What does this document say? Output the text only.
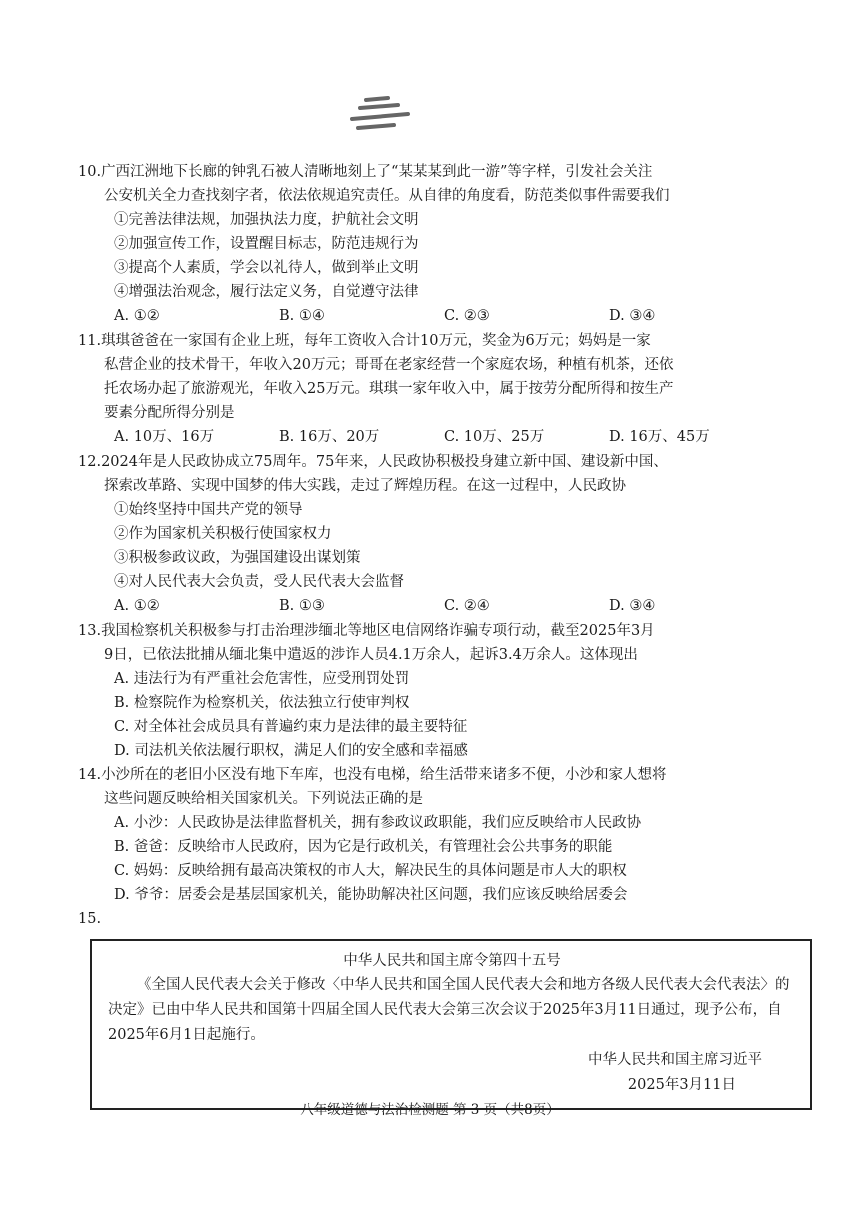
10.广西江洲地下长廊的钟乳石被人清晰地刻上了“某某某到此一游”等字样，引发社会关注

公安机关全力查找刻字者，依法依规追究责任。从自律的角度看，防范类似事件需要我们

①完善法律法规，加强执法力度，护航社会文明

②加强宣传工作，设置醒目标志，防范违规行为

③提高个人素质，学会以礼待人，做到举止文明

④增强法治观念，履行法定义务，自觉遵守法律

A. ①②	B. ①④	C. ②③	D. ③④

11.琪琪爸爸在一家国有企业上班，每年工资收入合计10万元，奖金为6万元；妈妈是一家

私营企业的技术骨干，年收入20万元；哥哥在老家经营一个家庭农场，种植有机茶，还依

托农场办起了旅游观光，年收入25万元。琪琪一家年收入中，属于按劳分配所得和按生产

要素分配所得分别是

A. 10万、16万	B. 16万、20万	C. 10万、25万	D. 16万、45万

12.2024年是人民政协成立75周年。75年来，人民政协积极投身建立新中国、建设新中国、

探索改革路、实现中国梦的伟大实践，走过了辉煌历程。在这一过程中，人民政协

①始终坚持中国共产党的领导

②作为国家机关积极行使国家权力

③积极参政议政，为强国建设出谋划策

④对人民代表大会负责，受人民代表大会监督

A. ①②	B. ①③	C. ②④	D. ③④

13.我国检察机关积极参与打击治理涉缅北等地区电信网络诈骗专项行动，截至2025年3月

9日，已依法批捕从缅北集中遣返的涉诈人员4.1万余人，起诉3.4万余人。这体现出

A. 违法行为有严重社会危害性，应受刑罚处罚

B. 检察院作为检察机关，依法独立行使审判权

C. 对全体社会成员具有普遍约束力是法律的最主要特征

D. 司法机关依法履行职权，满足人们的安全感和幸福感

14.小沙所在的老旧小区没有地下车库，也没有电梯，给生活带来诸多不便，小沙和家人想将

这些问题反映给相关国家机关。下列说法正确的是

A. 小沙：人民政协是法律监督机关，拥有参政议政职能，我们应反映给市人民政协

B. 爸爸：反映给市人民政府，因为它是行政机关，有管理社会公共事务的职能

C. 妈妈：反映给拥有最高决策权的市人大，解决民生的具体问题是市人大的职权

D. 爷爷：居委会是基层国家机关，能协助解决社区问题，我们应该反映给居委会

15.

中华人民共和国主席令第四十五号
《全国人民代表大会关于修改〈中华人民共和国全国人民代表大会和地方各级人民代表大会代表法〉的决定》已由中华人民共和国第十四届全国人民代表大会第三次会议于2025年3月11日通过，现予公布，自2025年6月1日起施行。
中华人民共和国主席习近平
2025年3月11日
八年级道德与法治检测题 第 3 页（共8页）
